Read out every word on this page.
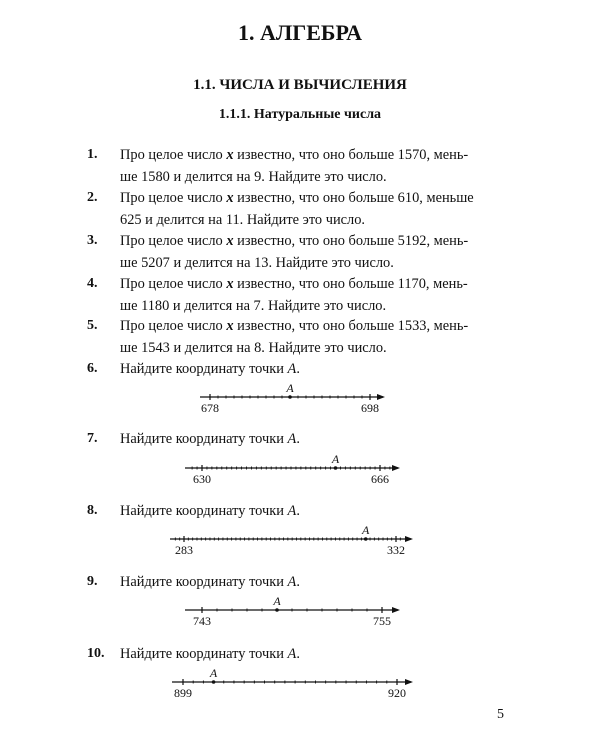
1. АЛГЕБРА
1.1. ЧИСЛА И ВЫЧИСЛЕНИЯ
1.1.1. Натуральные числа
1. Про целое число x известно, что оно больше 1570, мень-
ше 1580 и делится на 9. Найдите это число.

2. Про целое число x известно, что оно больше 610, меньше
625 и делится на 11. Найдите это число.

3. Про целое число x известно, что оно больше 5192, мень-
ше 5207 и делится на 13. Найдите это число.

4. Про целое число x известно, что оно больше 1170, мень-
ше 1180 и делится на 7. Найдите это число.

5. Про целое число x известно, что оно больше 1533, мень-
ше 1543 и делится на 8. Найдите это число.

6. Найдите координату точки A.

678	698
A
7. Найдите координату точки A.

630	666
A
8. Найдите координату точки A.

283	332
A
9. Найдите координату точки A.

743	755
A
10. Найдите координату точки A.

899	920
A
5
